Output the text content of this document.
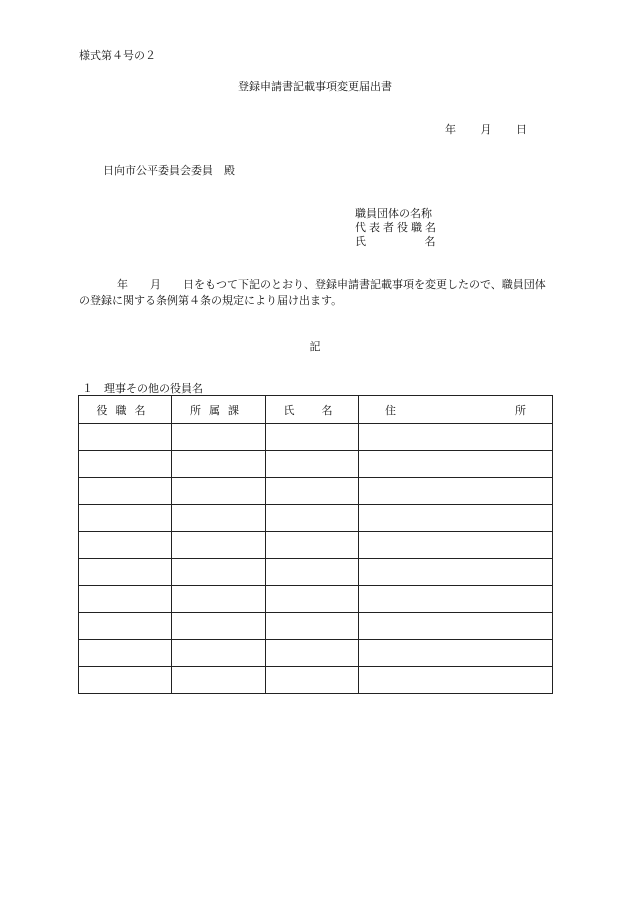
様式第４号の２
登録申請書記載事項変更届出書
年 月 日
日向市公平委員会委員　殿
職員団体の名称
代表者役職名
氏	名
年 月 日をもつて下記のとおり、登録申請書記載事項を変更したので、職員団体の登録に関する条例第４条の規定により届け出ます。
記
１　理事その他の役員名
役職名	所属課	氏　名	住 所
